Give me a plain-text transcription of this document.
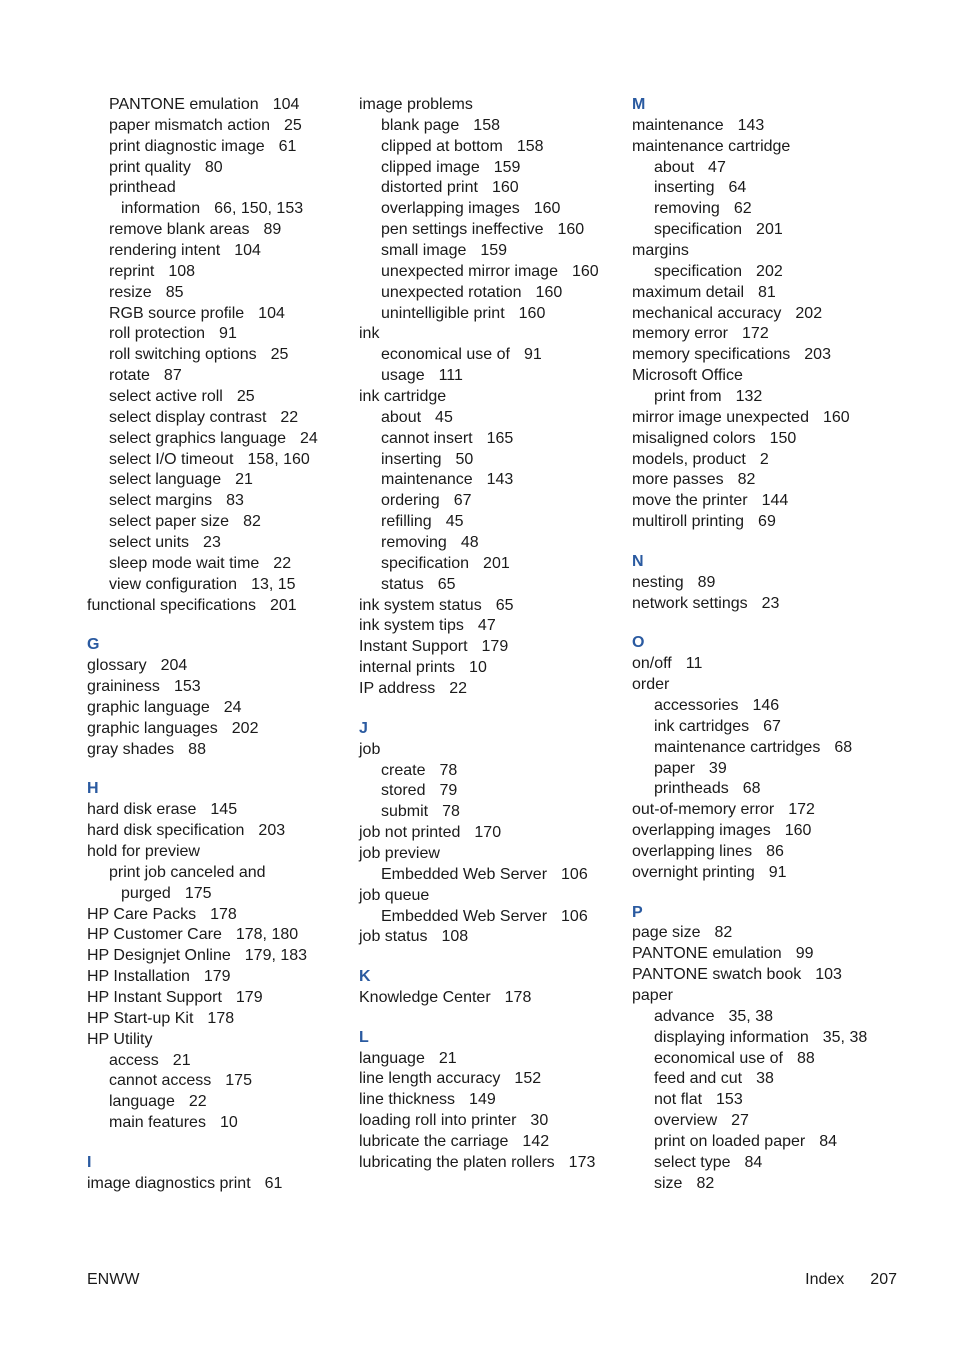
PANTONE emulation 104
paper mismatch action 25
print diagnostic image 61
print quality 80
printhead
information 66, 150, 153
remove blank areas 89
rendering intent 104
reprint 108
resize 85
RGB source profile 104
roll protection 91
roll switching options 25
rotate 87
select active roll 25
select display contrast 22
select graphics language 24
select I/O timeout 158, 160
select language 21
select margins 83
select paper size 82
select units 23
sleep mode wait time 22
view configuration 13, 15
functional specifications 201
G
glossary 204
graininess 153
graphic language 24
graphic languages 202
gray shades 88
H
hard disk erase 145
hard disk specification 203
hold for preview
print job canceled and
purged 175
HP Care Packs 178
HP Customer Care 178, 180
HP Designjet Online 179, 183
HP Installation 179
HP Instant Support 179
HP Start-up Kit 178
HP Utility
access 21
cannot access 175
language 22
main features 10
I
image diagnostics print 61
image problems
blank page 158
clipped at bottom 158
clipped image 159
distorted print 160
overlapping images 160
pen settings ineffective 160
small image 159
unexpected mirror image 160
unexpected rotation 160
unintelligible print 160
ink
economical use of 91
usage 111
ink cartridge
about 45
cannot insert 165
inserting 50
maintenance 143
ordering 67
refilling 45
removing 48
specification 201
status 65
ink system status 65
ink system tips 47
Instant Support 179
internal prints 10
IP address 22
J
job
create 78
stored 79
submit 78
job not printed 170
job preview
Embedded Web Server 106
job queue
Embedded Web Server 106
job status 108
K
Knowledge Center 178
L
language 21
line length accuracy 152
line thickness 149
loading roll into printer 30
lubricate the carriage 142
lubricating the platen rollers 173
M
maintenance 143
maintenance cartridge
about 47
inserting 64
removing 62
specification 201
margins
specification 202
maximum detail 81
mechanical accuracy 202
memory error 172
memory specifications 203
Microsoft Office
print from 132
mirror image unexpected 160
misaligned colors 150
models, product 2
more passes 82
move the printer 144
multiroll printing 69
N
nesting 89
network settings 23
O
on/off 11
order
accessories 146
ink cartridges 67
maintenance cartridges 68
paper 39
printheads 68
out-of-memory error 172
overlapping images 160
overlapping lines 86
overnight printing 91
P
page size 82
PANTONE emulation 99
PANTONE swatch book 103
paper
advance 35, 38
displaying information 35, 38
economical use of 88
feed and cut 38
not flat 153
overview 27
print on loaded paper 84
select type 84
size 82
ENWW	Index 207
